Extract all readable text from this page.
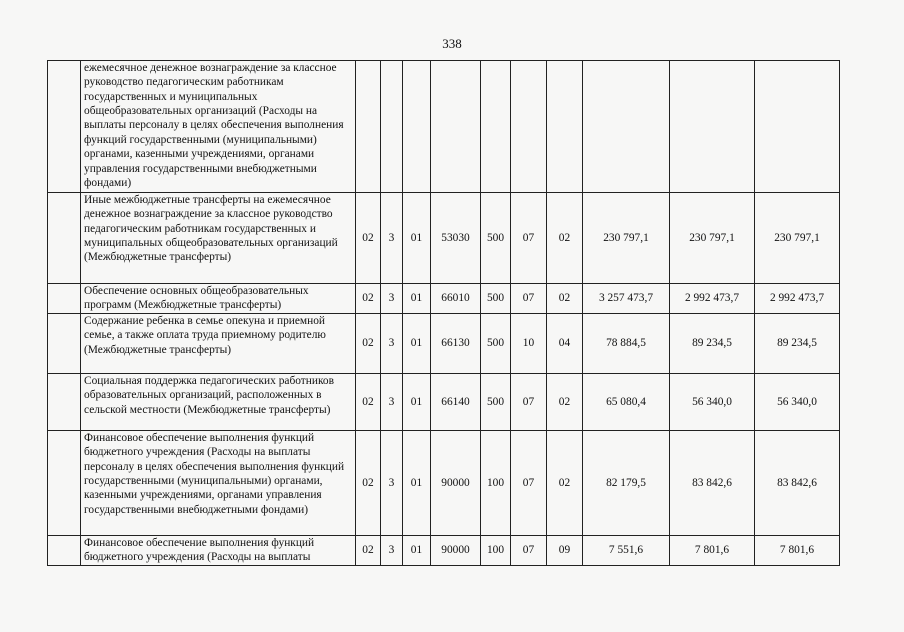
338
	ежемесячное денежное вознаграждение за классное руководство педагогическим работникам государственных и муниципальных общеобразовательных организаций (Расходы на выплаты персоналу в целях обеспечения выполнения функций государственными (муниципальными) органами, казенными учреждениями, органами управления государственными внебюджетными фондами)										
	Иные межбюджетные трансферты на ежемесячное денежное вознаграждение за классное руководство педагогическим работникам государственных и муниципальных общеобразовательных организаций (Межбюджетные трансферты)	02	3	01	53030	500	07	02	230 797,1	230 797,1	230 797,1
	Обеспечение основных общеобразовательных программ (Межбюджетные трансферты)	02	3	01	66010	500	07	02	3 257 473,7	2 992 473,7	2 992 473,7
	Содержание ребенка в семье опекуна и приемной семье, а также оплата труда приемному родителю (Межбюджетные трансферты)	02	3	01	66130	500	10	04	78 884,5	89 234,5	89 234,5
	Социальная поддержка педагогических работников образовательных организаций, расположенных в сельской местности (Межбюджетные трансферты)	02	3	01	66140	500	07	02	65 080,4	56 340,0	56 340,0
	Финансовое обеспечение выполнения функций бюджетного учреждения (Расходы на выплаты персоналу в целях обеспечения выполнения функций государственными (муниципальными) органами, казенными учреждениями, органами управления государственными внебюджетными фондами)	02	3	01	90000	100	07	02	82 179,5	83 842,6	83 842,6
	Финансовое обеспечение выполнения функций бюджетного учреждения (Расходы на выплаты	02	3	01	90000	100	07	09	7 551,6	7 801,6	7 801,6
